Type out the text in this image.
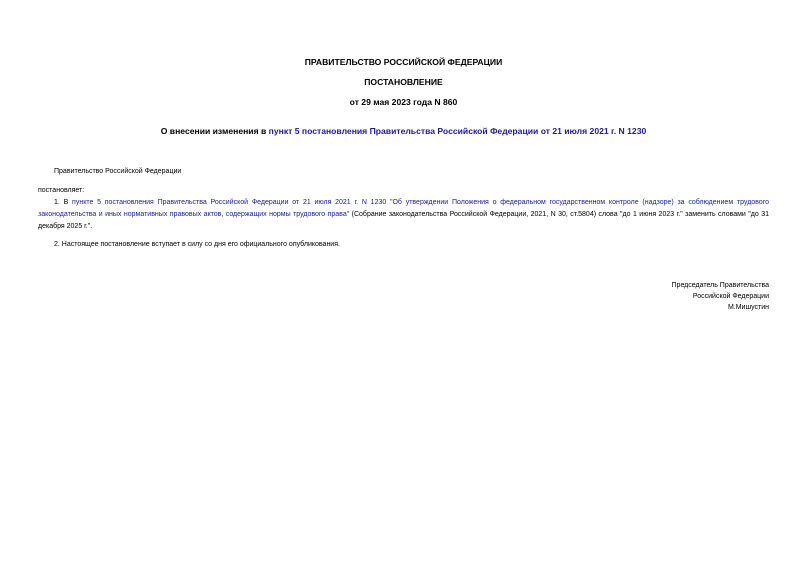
ПРАВИТЕЛЬСТВО РОССИЙСКОЙ ФЕДЕРАЦИИ
ПОСТАНОВЛЕНИЕ
от 29 мая 2023 года N 860
О внесении изменения в пункт 5 постановления Правительства Российской Федерации от 21 июля 2021 г. N 1230
Правительство Российской Федерации
постановляет:
1. В пункте 5 постановления Правительства Российской Федерации от 21 июля 2021 г. N 1230 "Об утверждении Положения о федеральном государственном контроле (надзоре) за соблюдением трудового законодательства и иных нормативных правовых актов, содержащих нормы трудового права" (Собрание законодательства Российской Федерации, 2021, N 30, ст.5804) слова "до 1 июня 2023 г." заменить словами "до 31 декабря 2025 г.".
2. Настоящее постановление вступает в силу со дня его официального опубликования.
Председатель Правительства
Российской Федерации
М.Мишустин
